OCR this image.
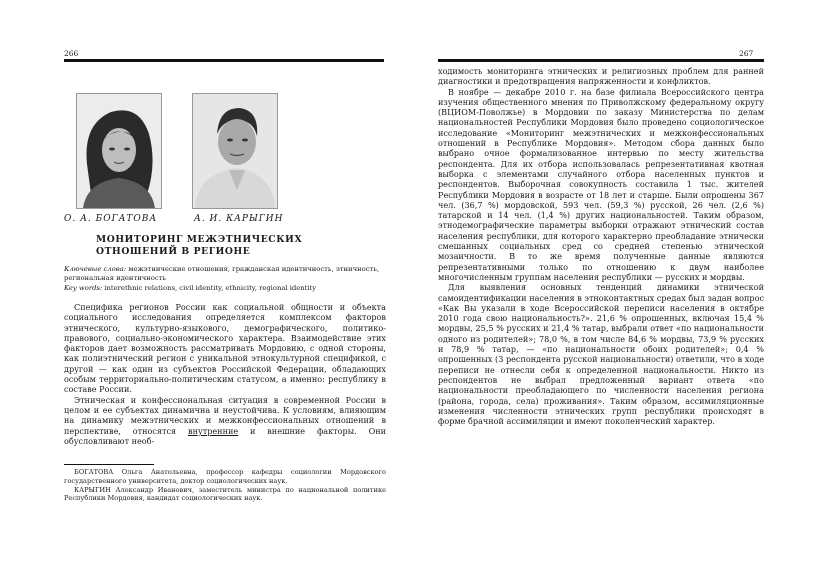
266
О. А. БОГАТОВА	А. И. КАРЫГИН
МОНИТОРИНГ МЕЖЭТНИЧЕСКИХ
ОТНОШЕНИЙ В РЕГИОНЕ
Ключевые слова: межэтнические отношения, гражданская идентичность, этничность, региональная идентичность
Key words: interethnic relations, civil identity, ethnicity, regional identity

Специфика регионов России как социальной общности и объекта социального исследования определяется комплексом факторов этнического, культурно-языкового, демографического, политико-правового, социально-экономического характера. Взаимодействие этих факторов дает возможность рассматривать Мордовию, с одной стороны, как полиэтнический регион с уникальной этнокультурной спецификой, с другой — как один из субъектов Российской Федерации, обладающих особым территориально-политическим статусом, а именно: республику в составе России.

Этническая и конфессиональная ситуация в современной России в целом и ее субъектах динамична и неустойчива. К условиям, влияющим на динамику межэтнических и межконфессиональных отношений в перспективе, относятся внутренние и внешние факторы. Они обусловливают необ-

БОГАТОВА Ольга Анатольевна, профессор кафедры социологии Мордовского государственного университета, доктор социологических наук.

КАРЫГИН Александр Иванович, заместитель министра по национальной политике Республики Мордовия, кандидат социологических наук.

267

ходимость мониторинга этнических и религиозных проблем для ранней диагностики и предотвращения напряженности и конфликтов.

В ноябре — декабре 2010 г. на базе филиала Всероссийского центра изучения общественного мнения по Приволжскому федеральному округу (ВЦИОМ-Поволжье) в Мордовии по заказу Министерства по делам национальностей Республики Мордовия было проведено социологическое исследование «Мониторинг межэтнических и межконфессиональных отношений в Республике Мордовия». Методом сбора данных было выбрано очное формализованное интервью по месту жительства респондента. Для их отбора использовалась репрезентативная квотная выборка с элементами случайного отбора населенных пунктов и респондентов. Выборочная совокупность составила 1 тыс. жителей Республики Мордовия в возрасте от 18 лет и старше. Были опрошены 367 чел. (36,7 %) мордовской, 593 чел. (59,3 %) русской, 26 чел. (2,6 %) татарской и 14 чел. (1,4 %) других национальностей. Таким образом, этнодемографические параметры выборки отражают этнический состав населения республики, для которого характерно преобладание этнически смешанных социальных сред со средней степенью этнической мозаичности. В то же время полученные данные являются репрезентативными только по отношению к двум наиболее многочисленным группам населения республики — русских и мордвы.

Для выявления основных тенденций динамики этнической самоидентификации населения в этноконтактных средах был задан вопрос «Как Вы указали в ходе Всероссийской переписи населения в октябре 2010 года свою национальность?». 21,6 % опрошенных, включая 15,4 % мордвы, 25,5 % русских и 21,4 % татар, выбрали ответ «по национальности одного из родителей»; 78,0 %, в том числе 84,6 % мордвы, 73,9 % русских и 78,9 % татар, — «по национальности обоих родителей»; 0,4 % опрошенных (3 респондента русской национальности) ответили, что в ходе переписи не отнесли себя к определенной национальности. Никто из респондентов не выбрал предложенный вариант ответа «по национальности преобладающего по численности населения региона (района, города, села) проживания». Таким образом, ассимиляционные изменения численности этнических групп республики происходят в форме брачной ассимиляции и имеют поколенческий характер.
